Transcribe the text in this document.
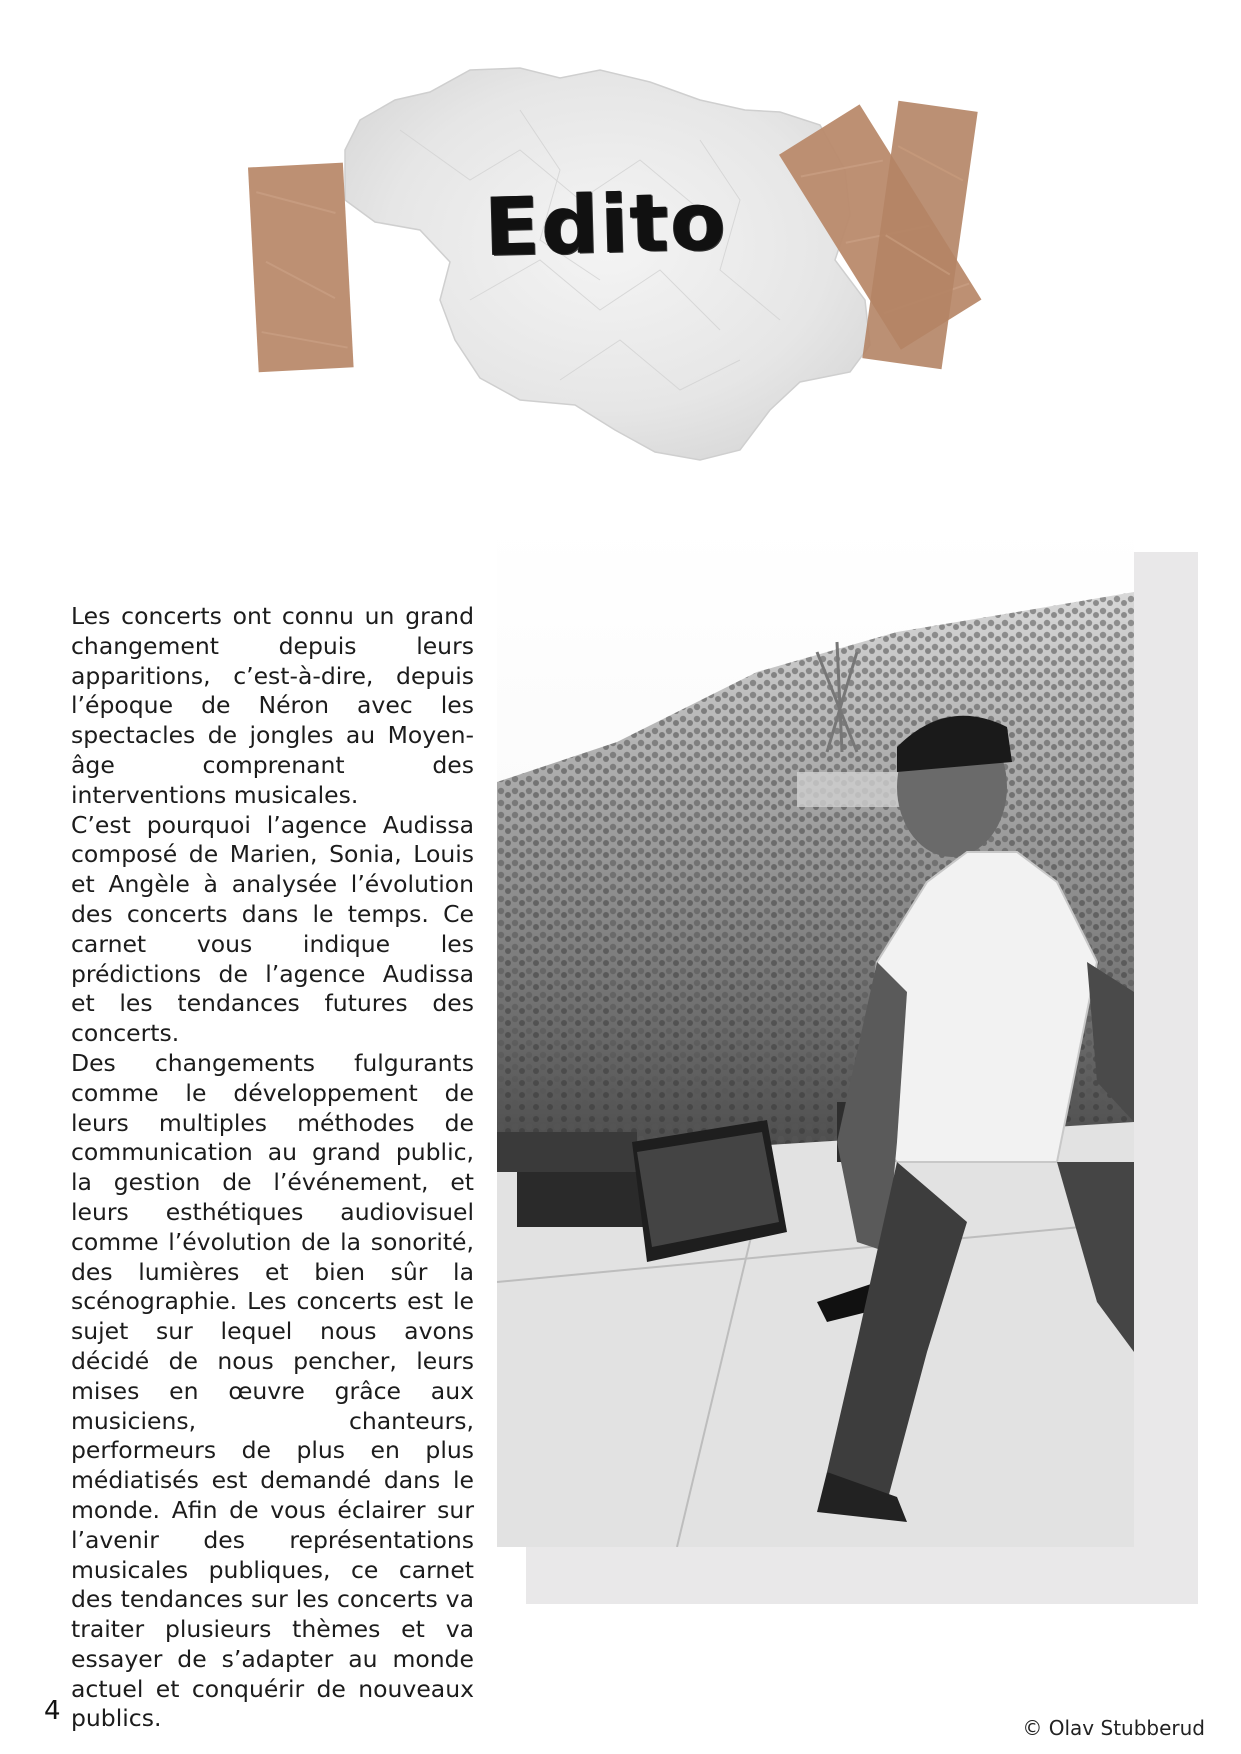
Edito

Les concerts ont connu un grand changement depuis leurs apparitions, c’est-à-dire, depuis l’époque de Néron avec les spectacles de jongles au Moyen-âge comprenant des interventions musicales.

C’est pourquoi l’agence Audissa composé de Marien, Sonia, Louis et Angèle à analysée l’évolution des concerts dans le temps. Ce carnet vous indique les prédictions de l’agence Audissa et les tendances futures des concerts.

Des changements fulgurants comme le développement de leurs multiples méthodes de communication au grand public, la gestion de l’événement, et leurs esthétiques audiovisuel comme l’évolution de la sonorité, des lumières et bien sûr la scénographie. Les concerts est le sujet sur lequel nous avons décidé de nous pencher, leurs mises en œuvre grâce aux musiciens, chanteurs, performeurs de plus en plus médiatisés est demandé dans le monde. Afin de vous éclairer sur l’avenir des représentations musicales publiques, ce carnet des tendances sur les concerts va traiter plusieurs thèmes et va essayer de s’adapter au monde actuel et conquérir de nouveaux publics.

4
© Olav Stubberud
